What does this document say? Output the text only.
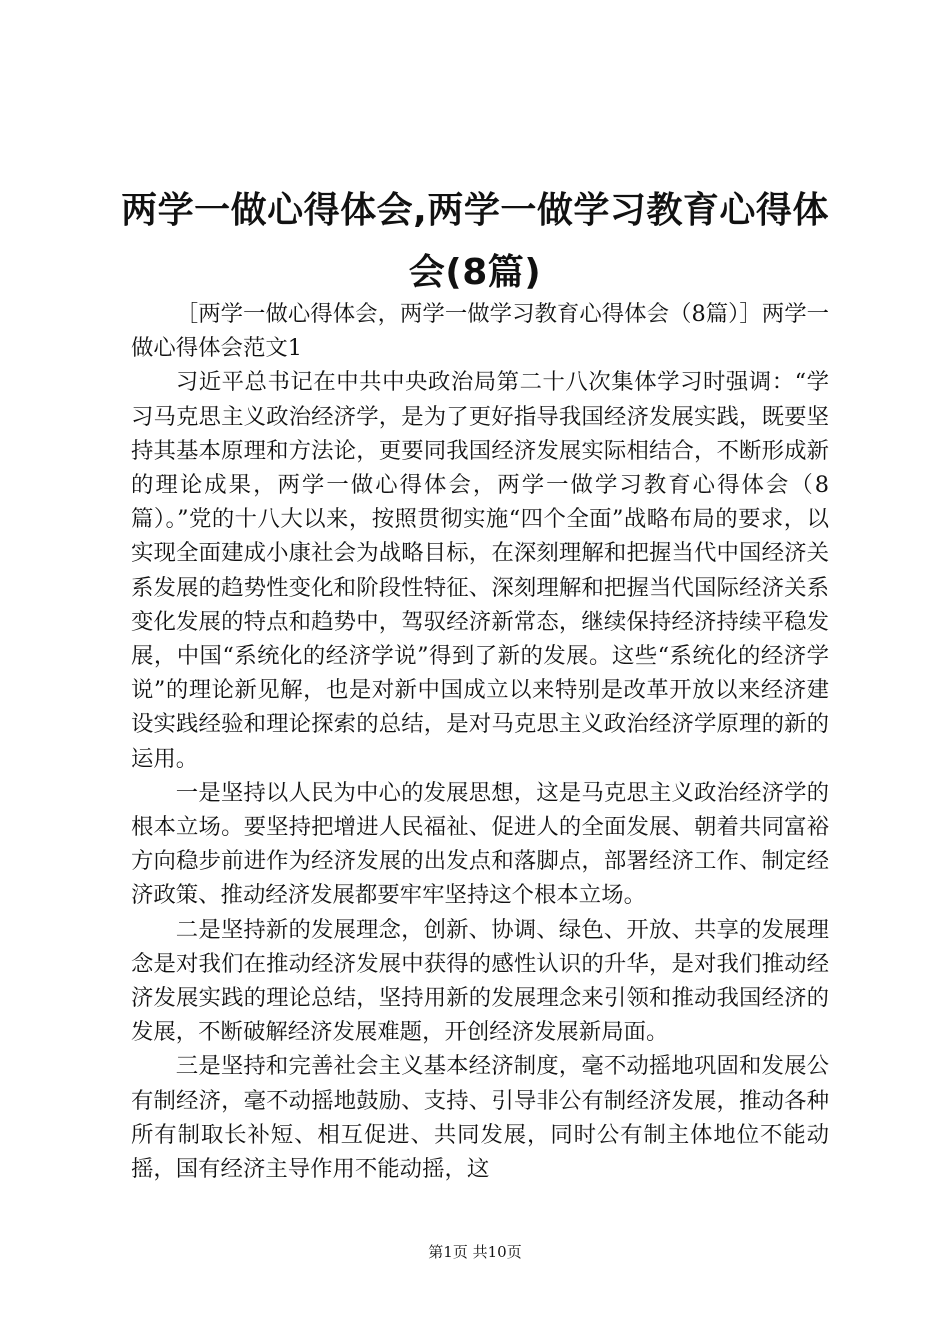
两学一做心得体会,两学一做学习教育心得体会(8篇)

［两学一做心得体会，两学一做学习教育心得体会（8篇）］两学一做心得体会范文1

习近平总书记在中共中央政治局第二十八次集体学习时强调：“学习马克思主义政治经济学，是为了更好指导我国经济发展实践，既要坚持其基本原理和方法论，更要同我国经济发展实际相结合，不断形成新的理论成果，两学一做心得体会，两学一做学习教育心得体会（8篇）。”党的十八大以来，按照贯彻实施“四个全面”战略布局的要求，以实现全面建成小康社会为战略目标，在深刻理解和把握当代中国经济关系发展的趋势性变化和阶段性特征、深刻理解和把握当代国际经济关系变化发展的特点和趋势中，驾驭经济新常态，继续保持经济持续平稳发展，中国“系统化的经济学说”得到了新的发展。这些“系统化的经济学说”的理论新见解，也是对新中国成立以来特别是改革开放以来经济建设实践经验和理论探索的总结，是对马克思主义政治经济学原理的新的运用。

一是坚持以人民为中心的发展思想，这是马克思主义政治经济学的根本立场。要坚持把增进人民福祉、促进人的全面发展、朝着共同富裕方向稳步前进作为经济发展的出发点和落脚点，部署经济工作、制定经济政策、推动经济发展都要牢牢坚持这个根本立场。

二是坚持新的发展理念，创新、协调、绿色、开放、共享的发展理念是对我们在推动经济发展中获得的感性认识的升华，是对我们推动经济发展实践的理论总结，坚持用新的发展理念来引领和推动我国经济的发展，不断破解经济发展难题，开创经济发展新局面。

三是坚持和完善社会主义基本经济制度，毫不动摇地巩固和发展公有制经济，毫不动摇地鼓励、支持、引导非公有制经济发展，推动各种所有制取长补短、相互促进、共同发展，同时公有制主体地位不能动摇，国有经济主导作用不能动摇，这

第1页 共10页
